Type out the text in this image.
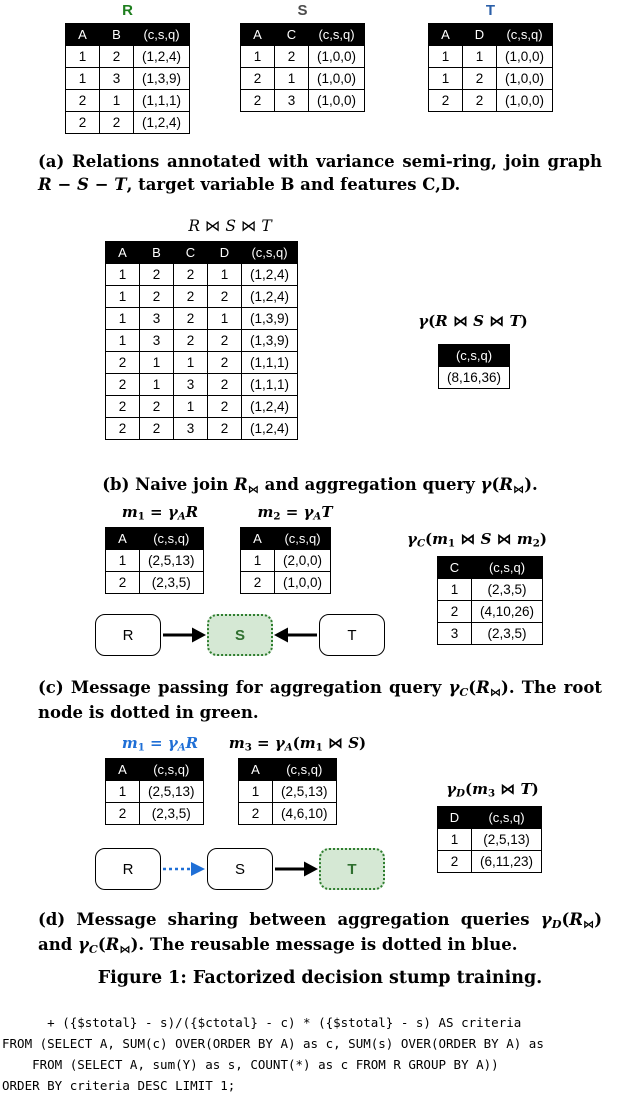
R
A	B	(c,s,q)
1	2	(1,2,4)
1	3	(1,3,9)
2	1	(1,1,1)
2	2	(1,2,4)
S
A	C	(c,s,q)
1	2	(1,0,0)
2	1	(1,0,0)
2	3	(1,0,0)
T
A	D	(c,s,q)
1	1	(1,0,0)
1	2	(1,0,0)
2	2	(1,0,0)
(a) Relations annotated with variance semi-ring, join graph R − S − T, target variable B and features C,D.
R ⋈ S ⋈ T
A	B	C	D	(c,s,q)
1	2	2	1	(1,2,4)
1	2	2	2	(1,2,4)
1	3	2	1	(1,3,9)
1	3	2	2	(1,3,9)
2	1	1	2	(1,1,1)
2	1	3	2	(1,1,1)
2	2	1	2	(1,2,4)
2	2	3	2	(1,2,4)
γ(R ⋈ S ⋈ T)
(c,s,q)
(8,16,36)
(b) Naive join $R_⋈$ and aggregation query $\gamma(R_⋈)$.
$m_1 = \gamma_AR$	$m_2 = \gamma_AT$
A	(c,s,q)
1	(2,5,13)
2	(2,3,5)
A	(c,s,q)
1	(2,0,0)
2	(1,0,0)
$\gamma_C(m_1$ ⋈ S ⋈ $m_2$)
C	(c,s,q)
1	(2,3,5)
2	(4,10,26)
3	(2,3,5)
R	S	T
(c) Message passing for aggregation query $\gamma_C(R_⋈)$. The root node is dotted in green.
$m_1 = \gamma_AR$	$m_3 = \gamma_A(m_1$ ⋈ S)
A	(c,s,q)
1	(2,5,13)
2	(2,3,5)
A	(c,s,q)
1	(2,5,13)
2	(4,6,10)
$\gamma_D(m_3$ ⋈ T)
D	(c,s,q)
1	(2,5,13)
2	(6,11,23)
R	S	T
(d) Message sharing between aggregation queries $\gamma_D(R_⋈)$ and $\gamma_C(R_⋈)$. The reusable message is dotted in blue.
Figure 1: Factorized decision stump training.
+ ({$stotal} - s)/({$ctotal} - c) * ({$stotal} - s) AS criteria
FROM (SELECT A, SUM(c) OVER(ORDER BY A) as c, SUM(s) OVER(ORDER BY A) as
FROM (SELECT A, sum(Y) as s, COUNT(*) as c FROM R GROUP BY A))
ORDER BY criteria DESC LIMIT 1;
